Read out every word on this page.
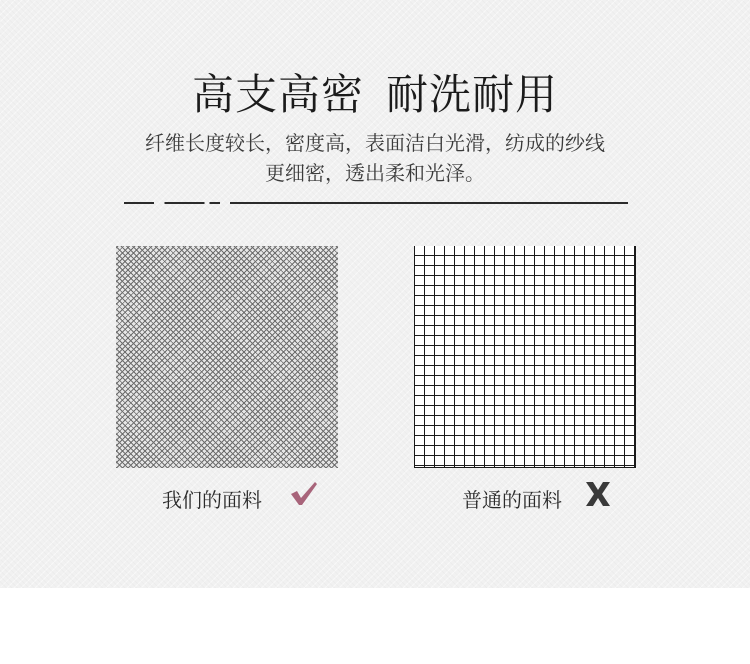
高支高密 耐洗耐用
纤维长度较长，密度高，表面洁白光滑，纺成的纱线
更细密，透出柔和光泽。
我们的面料	普通的面料
